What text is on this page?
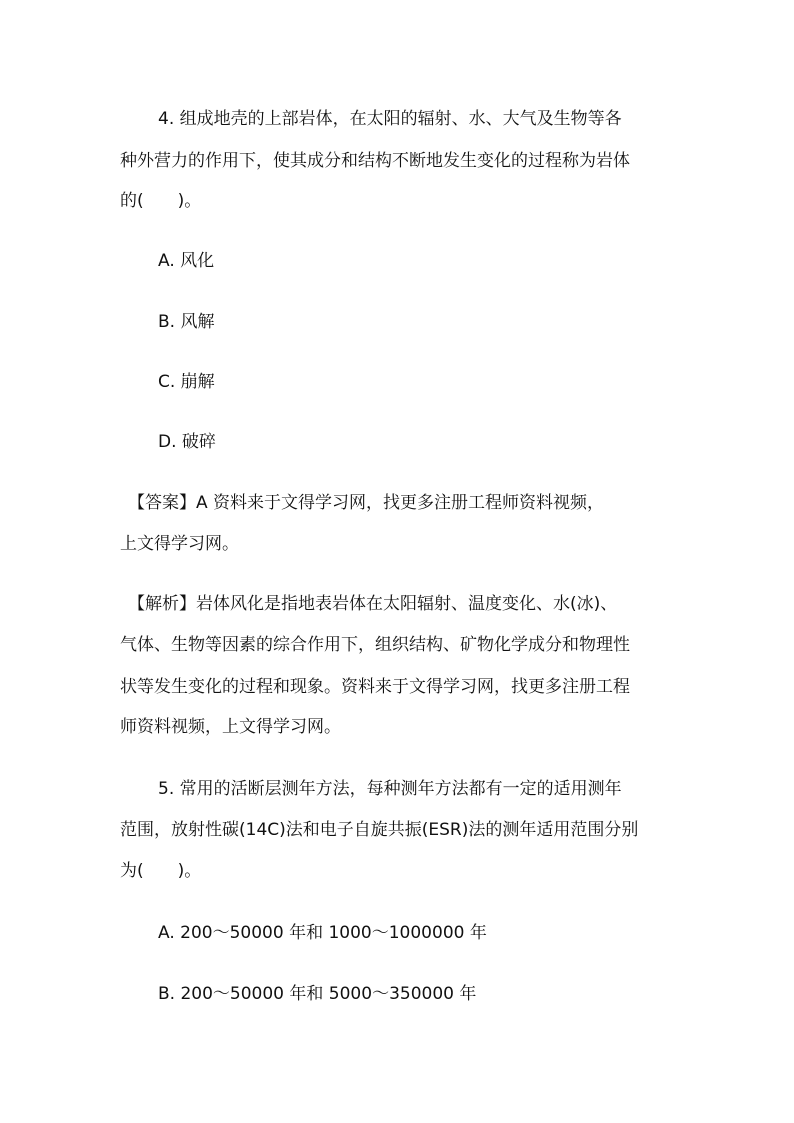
4. 组成地壳的上部岩体，在太阳的辐射、水、大气及生物等各
种外营力的作用下，使其成分和结构不断地发生变化的过程称为岩体
的(　　)。
A. 风化
B. 风解
C. 崩解
D. 破碎
【答案】A 资料来于文得学习网，找更多注册工程师资料视频，
上文得学习网。
【解析】岩体风化是指地表岩体在太阳辐射、温度变化、水(冰)、
气体、生物等因素的综合作用下，组织结构、矿物化学成分和物理性
状等发生变化的过程和现象。资料来于文得学习网，找更多注册工程
师资料视频，上文得学习网。
5. 常用的活断层测年方法，每种测年方法都有一定的适用测年
范围，放射性碳(14C)法和电子自旋共振(ESR)法的测年适用范围分别
为(　　)。
A. 200～50000 年和 1000～1000000 年
B. 200～50000 年和 5000～350000 年
